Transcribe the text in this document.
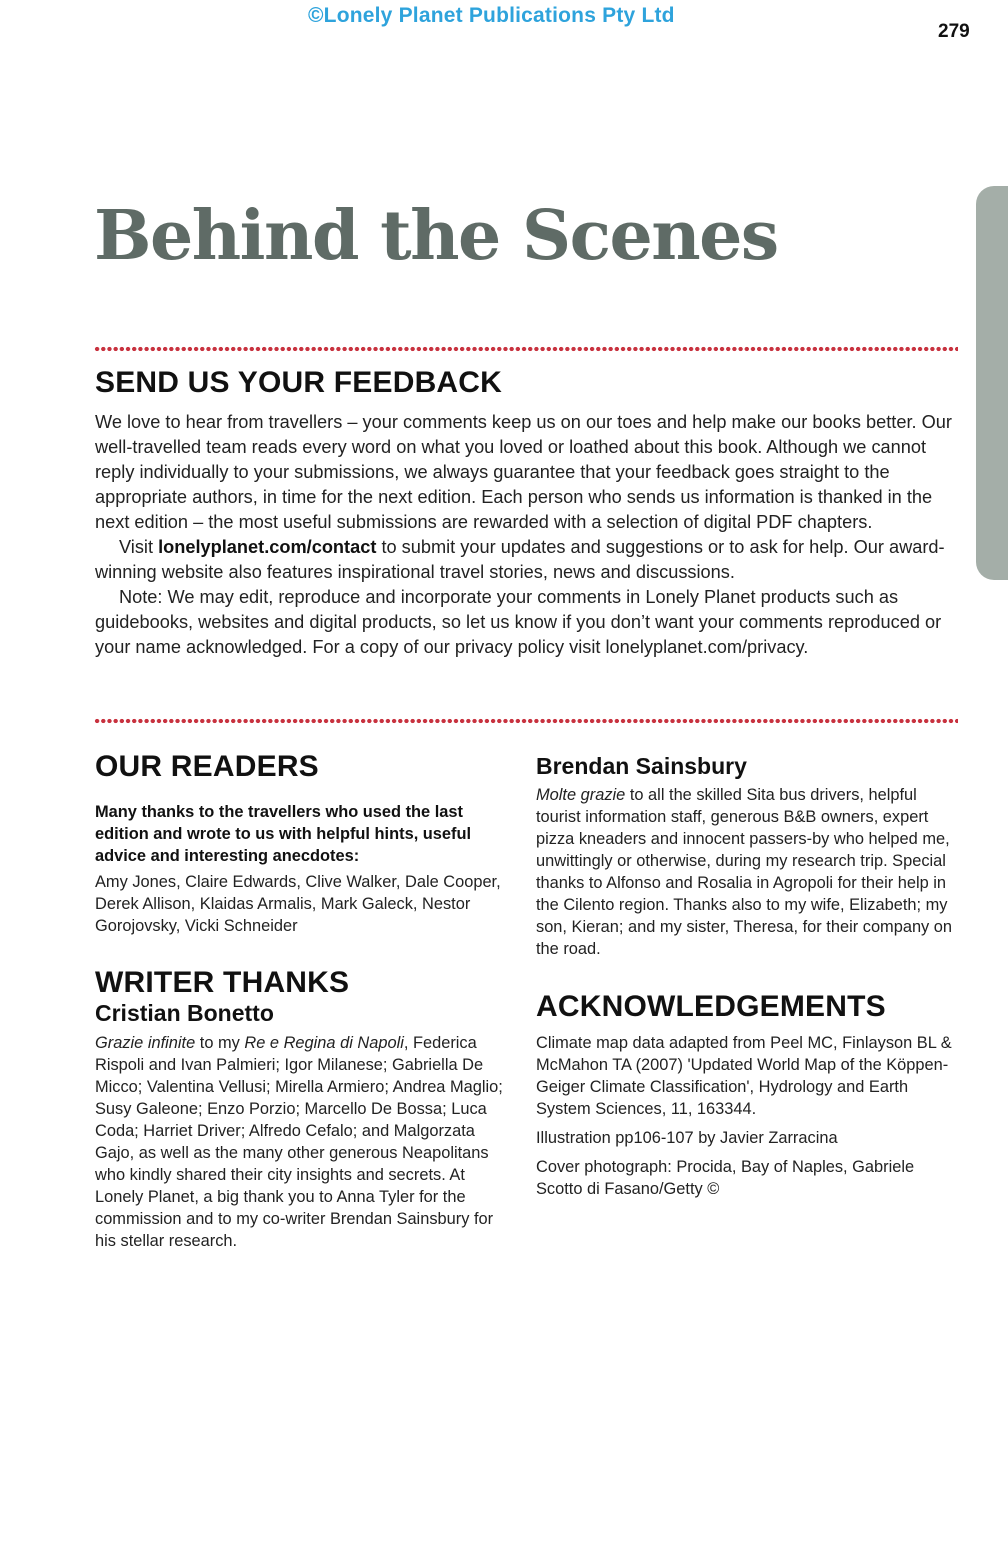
©Lonely Planet Publications Pty Ltd
279
Behind the Scenes
SEND US YOUR FEEDBACK

We love to hear from travellers – your comments keep us on our toes and help make our books better. Our well-travelled team reads every word on what you loved or loathed about this book. Although we cannot reply individually to your submissions, we always guarantee that your feedback goes straight to the appropriate authors, in time for the next edition. Each person who sends us information is thanked in the next edition – the most useful submissions are rewarded with a selection of digital PDF chapters.

Visit lonelyplanet.com/contact to submit your updates and suggestions or to ask for help. Our award-winning website also features inspirational travel stories, news and discussions.

Note: We may edit, reproduce and incorporate your comments in Lonely Planet products such as guidebooks, websites and digital products, so let us know if you don’t want your comments reproduced or your name acknowledged. For a copy of our privacy policy visit lonelyplanet.com/privacy.

OUR READERS

Many thanks to the travellers who used the last edition and wrote to us with helpful hints, useful advice and interesting anecdotes:

Amy Jones, Claire Edwards, Clive Walker, Dale Cooper, Derek Allison, Klaidas Armalis, Mark Galeck, Nestor Gorojovsky, Vicki Schneider

WRITER THANKS
Cristian Bonetto

Grazie infinite to my Re e Regina di Napoli, Federica Rispoli and Ivan Palmieri; Igor Milanese; Gabriella De Micco; Valentina Vellusi; Mirella Armiero; Andrea Maglio; Susy Galeone; Enzo Porzio; Marcello De Bossa; Luca Coda; Harriet Driver; Alfredo Cefalo; and Malgorzata Gajo, as well as the many other generous Neapolitans who kindly shared their city insights and secrets. At Lonely Planet, a big thank you to Anna Tyler for the commission and to my co-writer Brendan Sainsbury for his stellar research.

Brendan Sainsbury

Molte grazie to all the skilled Sita bus drivers, helpful tourist information staff, generous B&B owners, expert pizza kneaders and innocent passers-by who helped me, unwittingly or otherwise, during my research trip. Special thanks to Alfonso and Rosalia in Agropoli for their help in the Cilento region. Thanks also to my wife, Elizabeth; my son, Kieran; and my sister, Theresa, for their company on the road.

ACKNOWLEDGEMENTS

Climate map data adapted from Peel MC, Finlayson BL & McMahon TA (2007) 'Updated World Map of the Köppen-Geiger Climate Classification', Hydrology and Earth System Sciences, 11, 163344.

Illustration pp106-107 by Javier Zarracina

Cover photograph: Procida, Bay of Naples, Gabriele Scotto di Fasano/Getty ©
